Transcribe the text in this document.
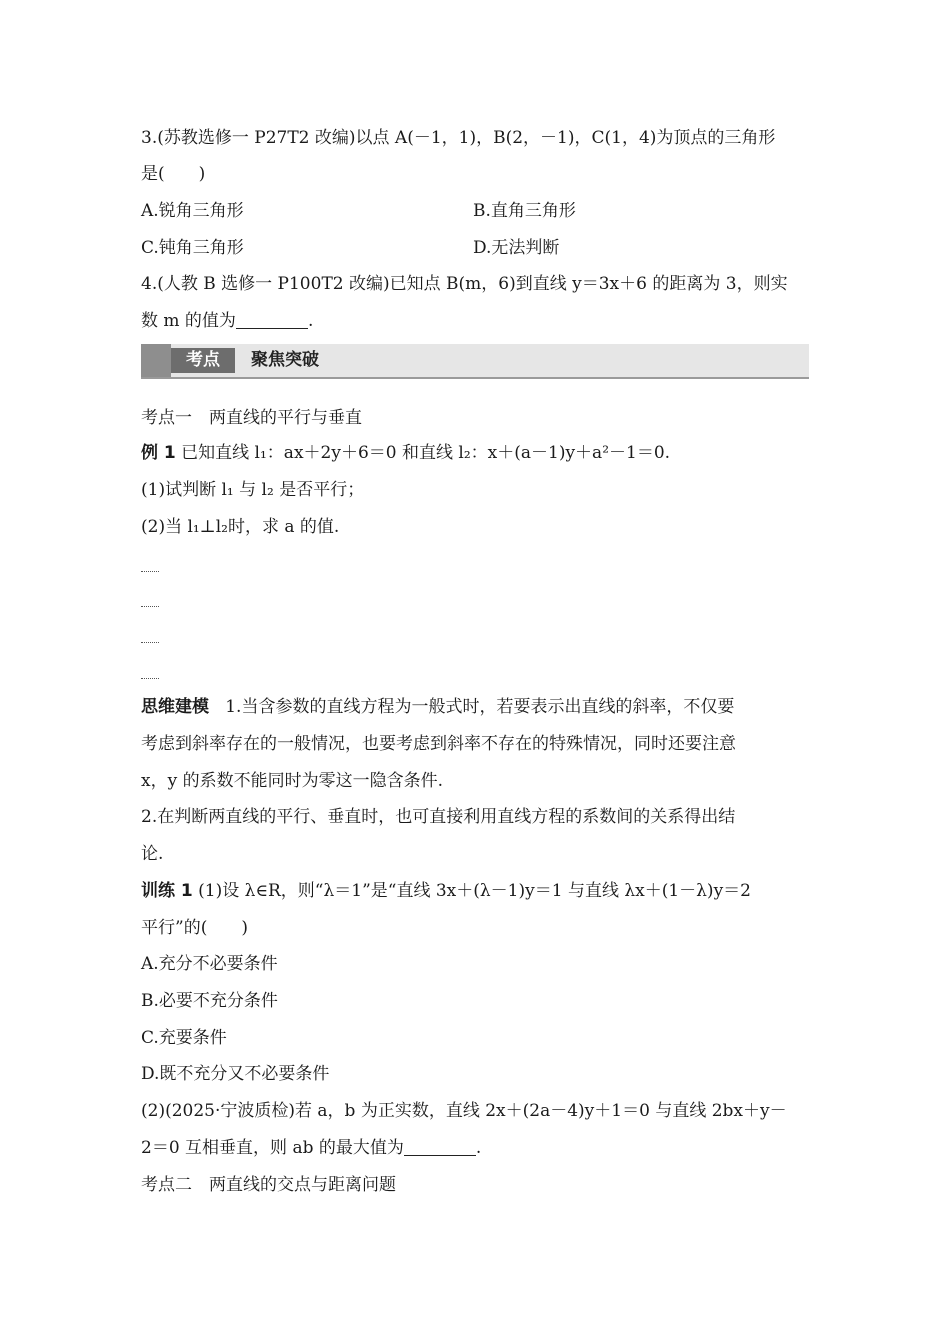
3.(苏教选修一 P27T2 改编)以点 A(－1，1)，B(2，－1)，C(1，4)为顶点的三角形
是(　　)
A.锐角三角形	B.直角三角形
C.钝角三角形	D.无法判断
4.(人教 B 选修一 P100T2 改编)已知点 B(m，6)到直线 y＝3x＋6 的距离为 3，则实
数 m 的值为	.
考点	聚焦突破
考点一　两直线的平行与垂直
例 1 已知直线 l₁：ax＋2y＋6＝0 和直线 l₂：x＋(a－1)y＋a²－1＝0.
(1)试判断 l₁ 与 l₂ 是否平行；
(2)当 l₁⊥l₂时，求 a 的值.
思维建模 1.当含参数的直线方程为一般式时，若要表示出直线的斜率，不仅要
考虑到斜率存在的一般情况，也要考虑到斜率不存在的特殊情况，同时还要注意
x，y 的系数不能同时为零这一隐含条件.
2.在判断两直线的平行、垂直时，也可直接利用直线方程的系数间的关系得出结
论.
训练 1 (1)设 λ∈R，则“λ＝1”是“直线 3x＋(λ－1)y＝1 与直线 λx＋(1－λ)y＝2
平行”的(　　)
A.充分不必要条件
B.必要不充分条件
C.充要条件
D.既不充分又不必要条件
(2)(2025·宁波质检)若 a，b 为正实数，直线 2x＋(2a－4)y＋1＝0 与直线 2bx＋y－
2＝0 互相垂直，则 ab 的最大值为	.
考点二　两直线的交点与距离问题
